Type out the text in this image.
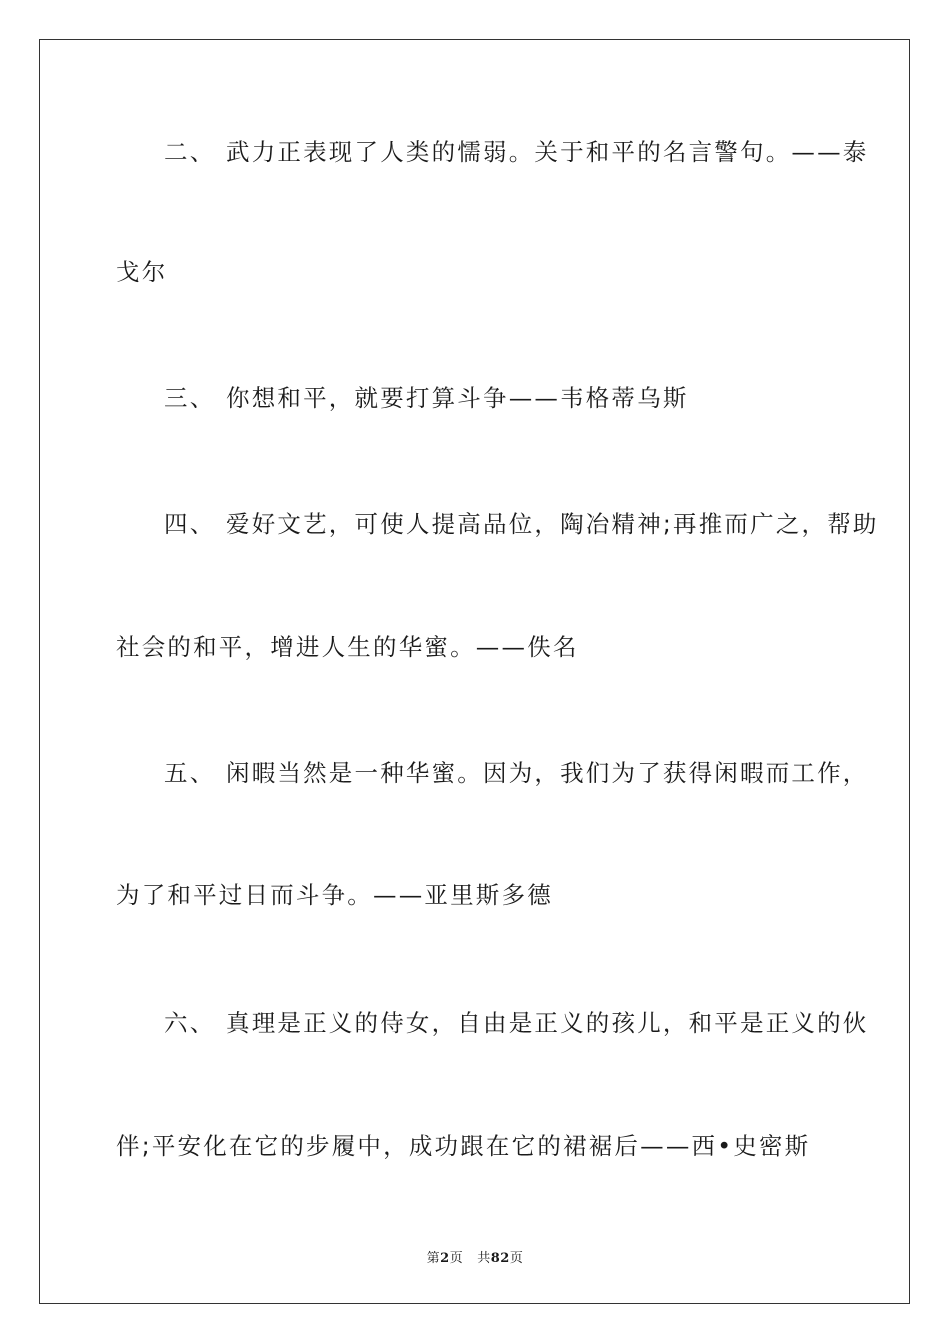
二、 武力正表现了人类的懦弱。关于和平的名言警句。——泰
戈尔
三、 你想和平，就要打算斗争——韦格蒂乌斯
四、 爱好文艺，可使人提高品位，陶冶精神;再推而广之，帮助
社会的和平，增进人生的华蜜。——佚名
五、 闲暇当然是一种华蜜。因为，我们为了获得闲暇而工作，
为了和平过日而斗争。——亚里斯多德
六、 真理是正义的侍女，自由是正义的孩儿，和平是正义的伙
伴;平安化在它的步履中，成功跟在它的裙裾后——西•史密斯
第2页 共82页
